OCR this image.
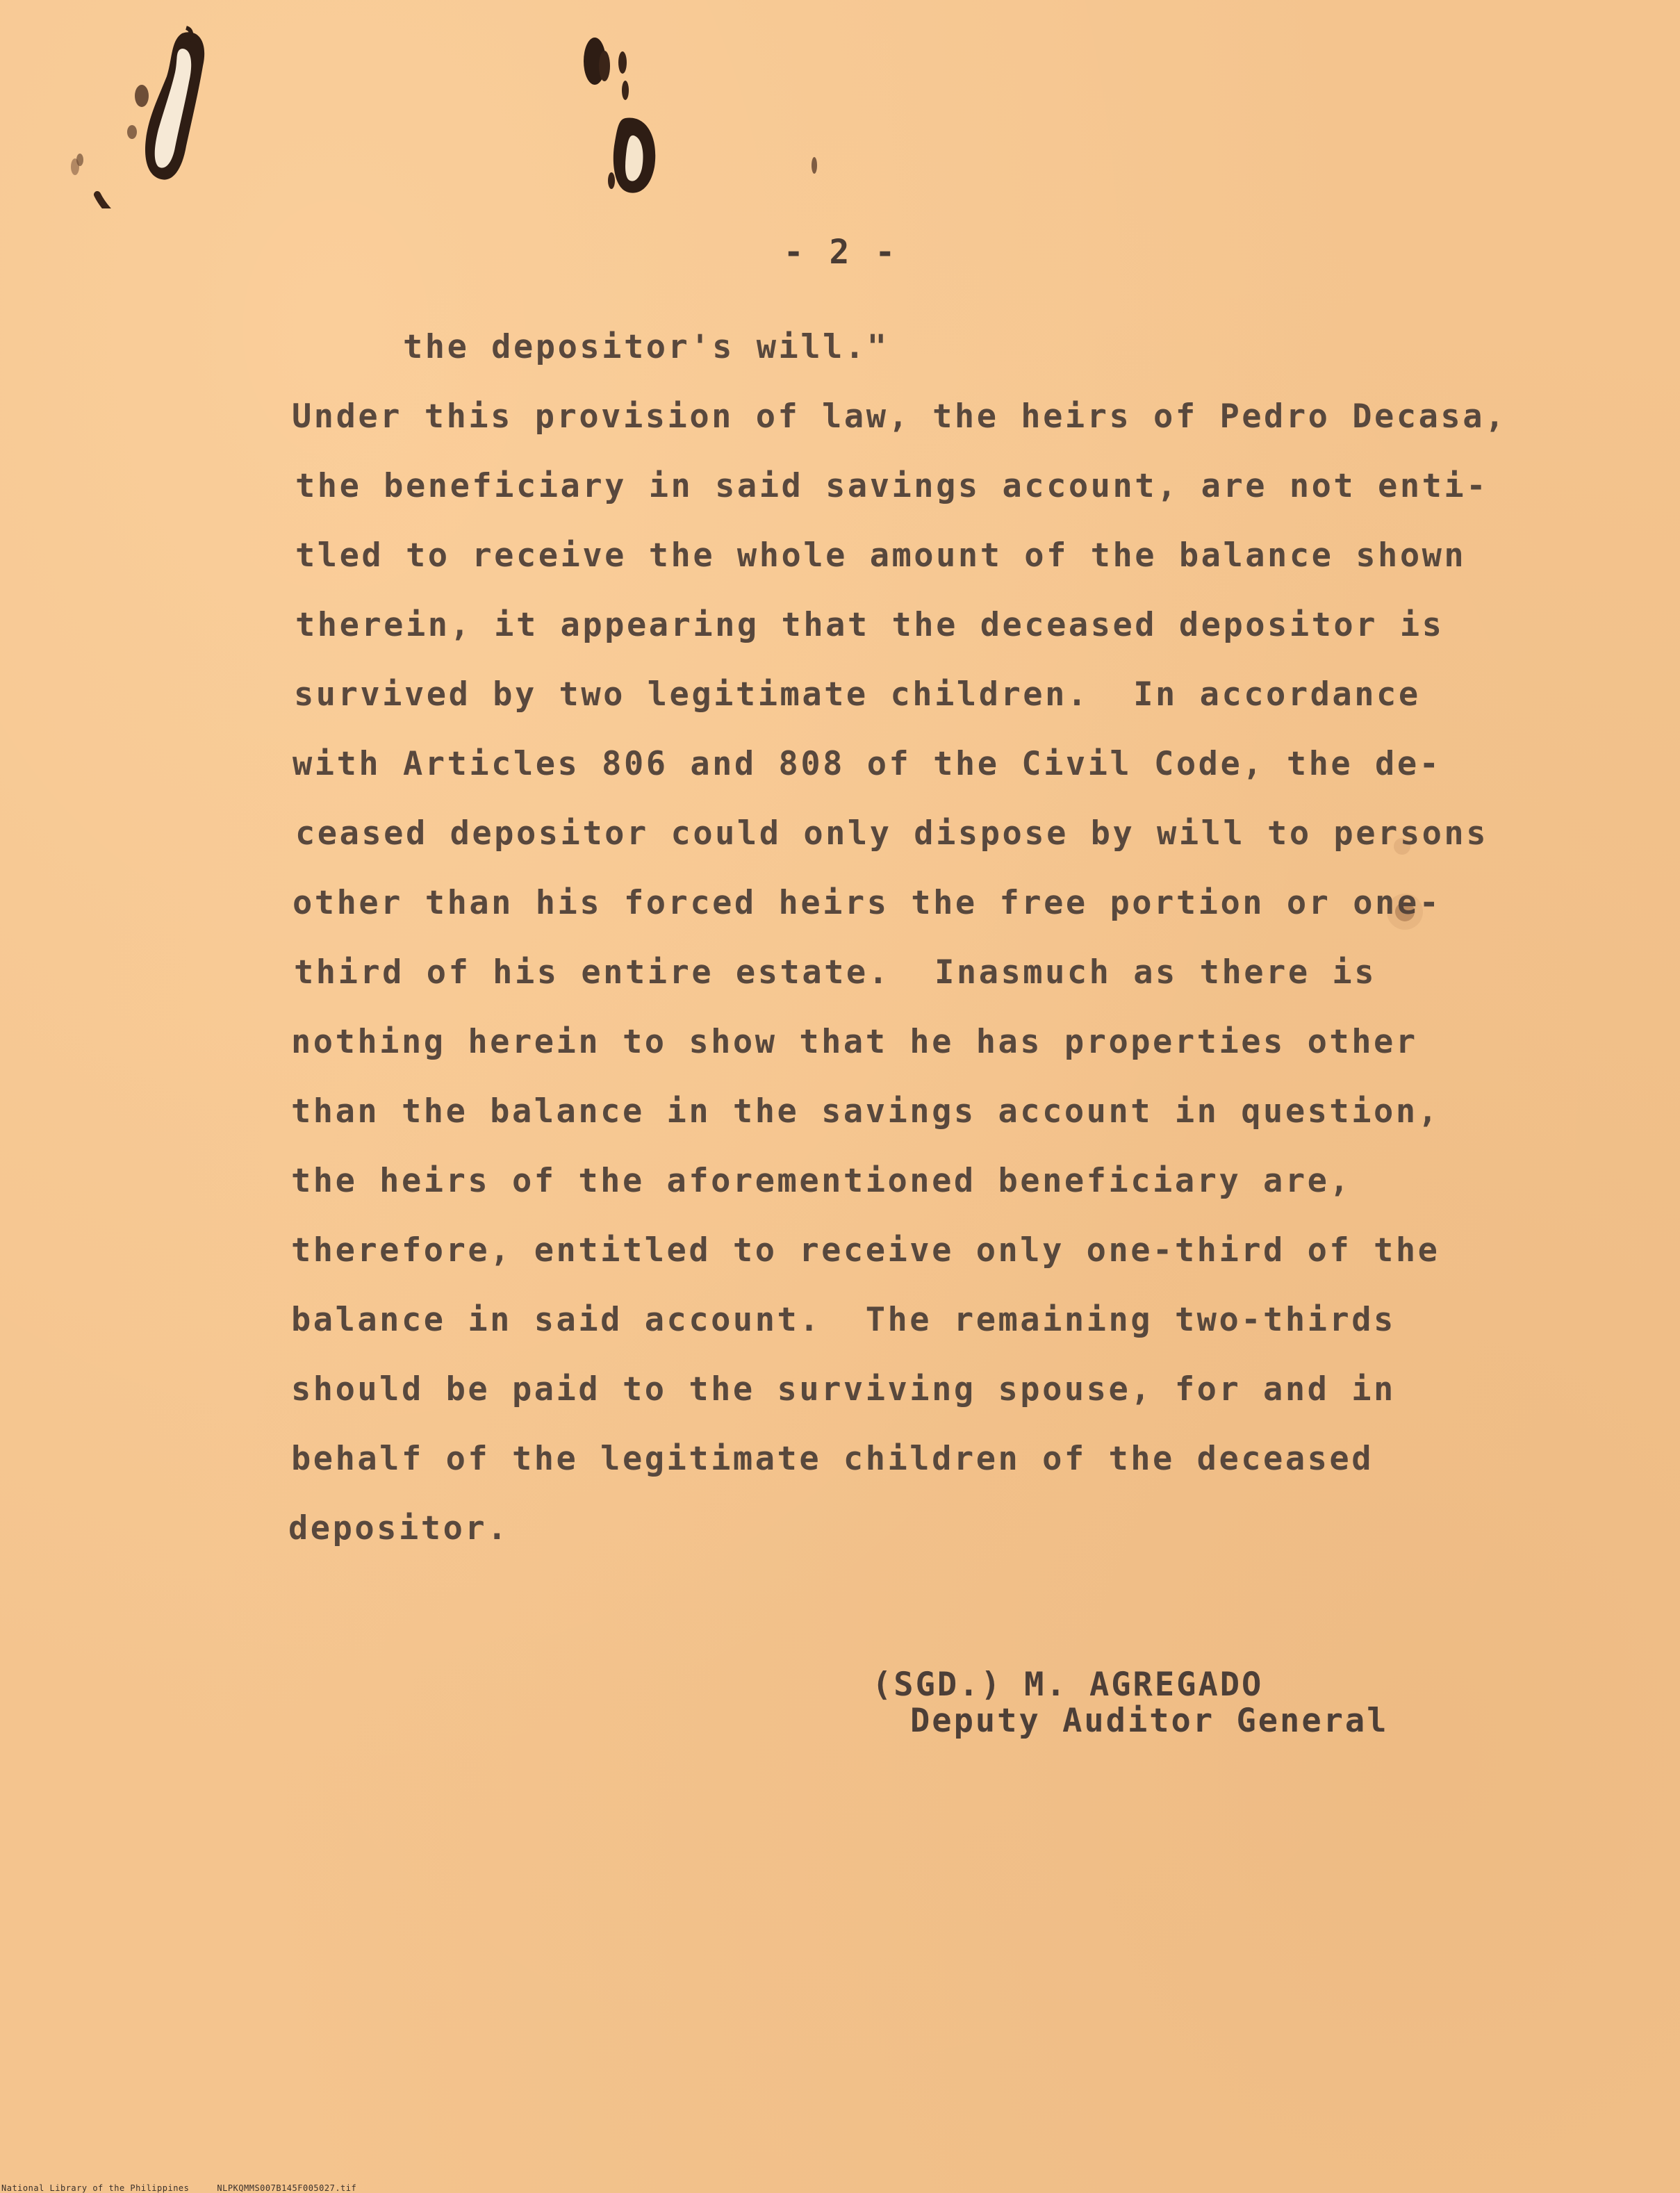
- 2 -
the depositor's will."
Under this provision of law, the heirs of Pedro Decasa,
the beneficiary in said savings account, are not enti-
tled to receive the whole amount of the balance shown
therein, it appearing that the deceased depositor is
survived by two legitimate children.  In accordance
with Articles 806 and 808 of the Civil Code, the de-
ceased depositor could only dispose by will to persons
other than his forced heirs the free portion or one-
third of his entire estate.  Inasmuch as there is
nothing herein to show that he has properties other
than the balance in the savings account in question,
the heirs of the aforementioned beneficiary are,
therefore, entitled to receive only one-third of the
balance in said account.  The remaining two-thirds
should be paid to the surviving spouse, for and in
behalf of the legitimate children of the deceased
depositor.
(SGD.) M. AGREGADO
Deputy Auditor General
National Library of the Philippines	NLPKQMMS007B145F005027.tif
